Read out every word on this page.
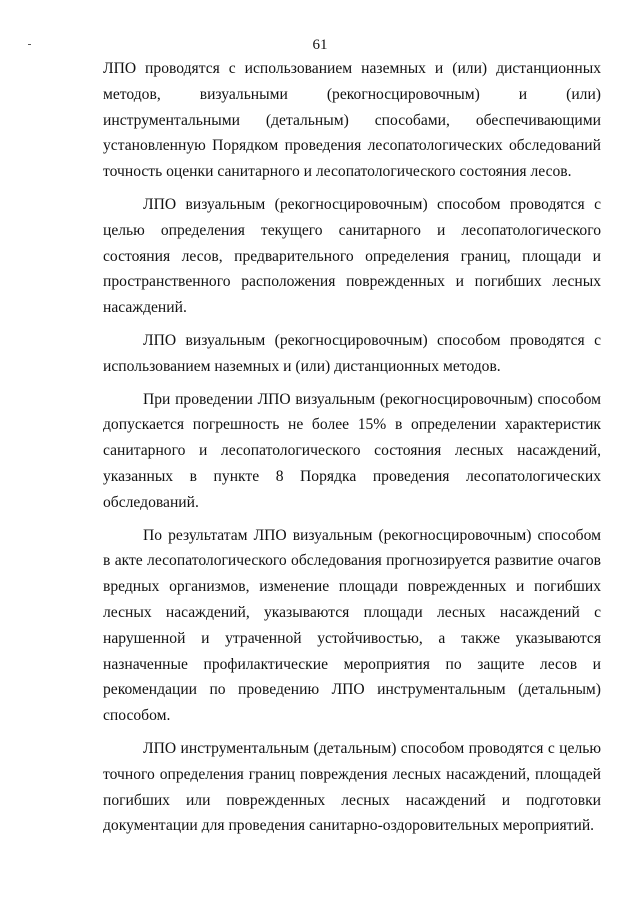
61

ЛПО проводятся с использованием наземных и (или) дистанционных методов, визуальными (рекогносцировочным) и (или) инструментальными (детальным) способами, обеспечивающими установленную Порядком проведения лесопатологических обследований точность оценки санитарного и лесопатологического состояния лесов.

ЛПО визуальным (рекогносцировочным) способом проводятся с целью определения текущего санитарного и лесопатологического состояния лесов, предварительного определения границ, площади и пространственного расположения поврежденных и погибших лесных насаждений.

ЛПО визуальным (рекогносцировочным) способом проводятся с использованием наземных и (или) дистанционных методов.

При проведении ЛПО визуальным (рекогносцировочным) способом допускается погрешность не более 15% в определении характеристик санитарного и лесопатологического состояния лесных насаждений, указанных в пункте 8 Порядка проведения лесопатологических обследований.

По результатам ЛПО визуальным (рекогносцировочным) способом в акте лесопатологического обследования прогнозируется развитие очагов вредных организмов, изменение площади поврежденных и погибших лесных насаждений, указываются площади лесных насаждений с нарушенной и утраченной устойчивостью, а также указываются назначенные профилактические мероприятия по защите лесов и рекомендации по проведению ЛПО инструментальным (детальным) способом.

ЛПО инструментальным (детальным) способом проводятся с целью точного определения границ повреждения лесных насаждений, площадей погибших или поврежденных лесных насаждений и подготовки документации для проведения санитарно-оздоровительных мероприятий.
